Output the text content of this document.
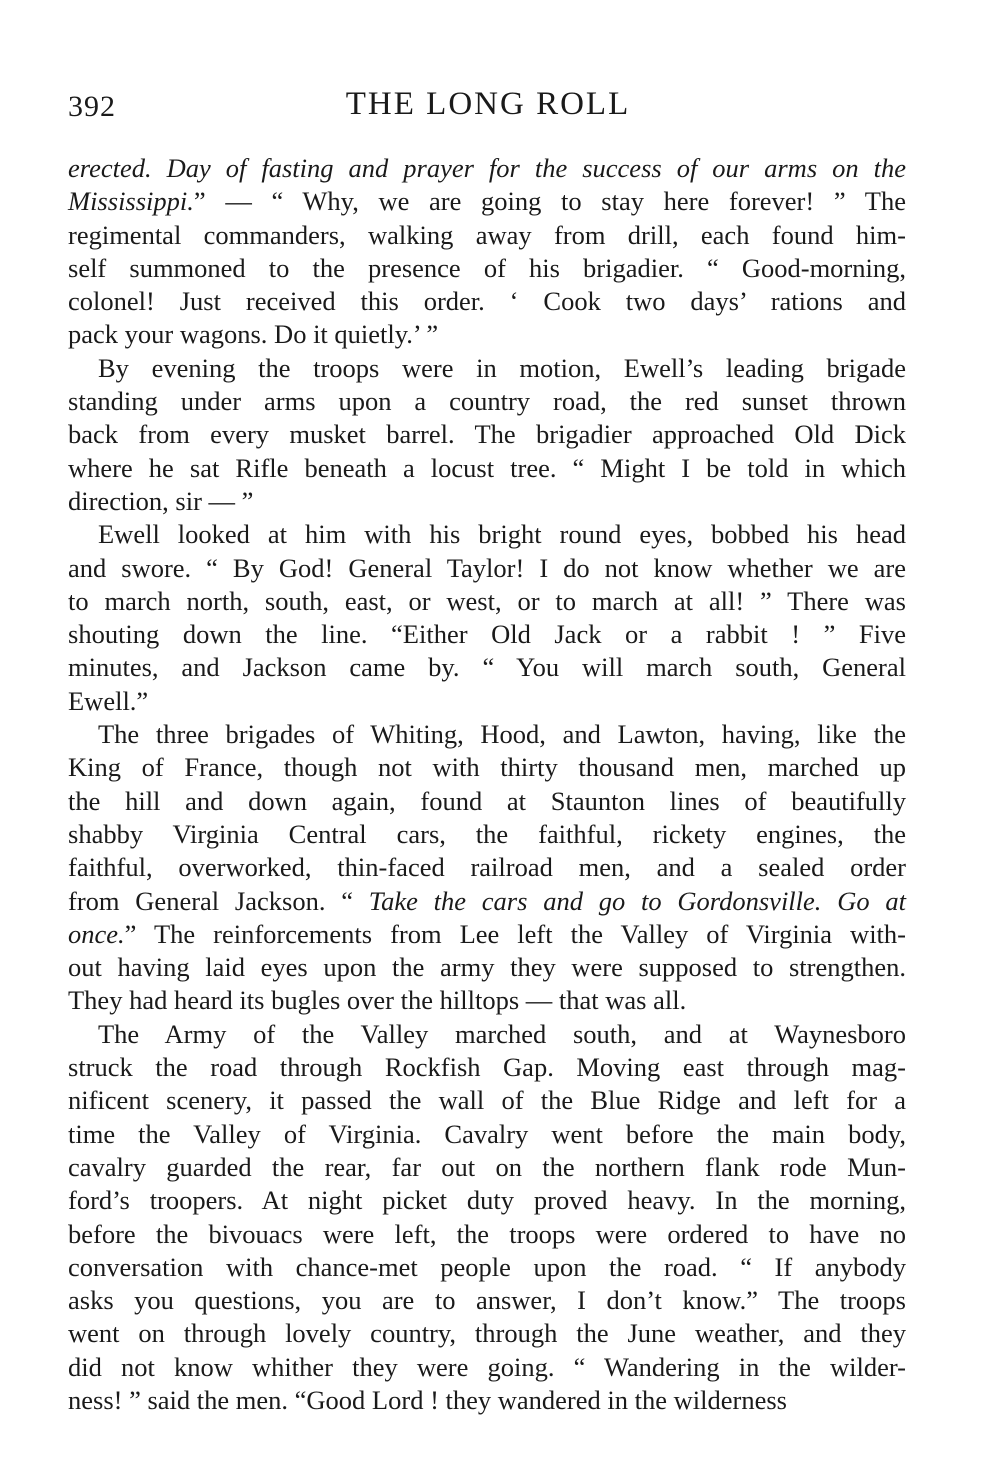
392	THE LONG ROLL

erected. Day of fasting and prayer for the success of our arms on the

Mississippi.” — “ Why, we are going to stay here forever! ” The

regimental commanders, walking away from drill, each found him-

self summoned to the presence of his brigadier. “ Good-morning,

colonel! Just received this order. ‘ Cook two days’ rations and

pack your wagons. Do it quietly.’ ”

By evening the troops were in motion, Ewell’s leading brigade

standing under arms upon a country road, the red sunset thrown

back from every musket barrel. The brigadier approached Old Dick

where he sat Rifle beneath a locust tree. “ Might I be told in which

direction, sir — ”

Ewell looked at him with his bright round eyes, bobbed his head

and swore. “ By God! General Taylor! I do not know whether we are

to march north, south, east, or west, or to march at all! ” There was

shouting down the line. “Either Old Jack or a rabbit ! ” Five

minutes, and Jackson came by. “ You will march south, General

Ewell.”

The three brigades of Whiting, Hood, and Lawton, having, like the

King of France, though not with thirty thousand men, marched up

the hill and down again, found at Staunton lines of beautifully

shabby Virginia Central cars, the faithful, rickety engines, the

faithful, overworked, thin-faced railroad men, and a sealed order

from General Jackson. “ Take the cars and go to Gordonsville. Go at

once.” The reinforcements from Lee left the Valley of Virginia with-

out having laid eyes upon the army they were supposed to strengthen.

They had heard its bugles over the hilltops — that was all.

The Army of the Valley marched south, and at Waynesboro

struck the road through Rockfish Gap. Moving east through mag-

nificent scenery, it passed the wall of the Blue Ridge and left for a

time the Valley of Virginia. Cavalry went before the main body,

cavalry guarded the rear, far out on the northern flank rode Mun-

ford’s troopers. At night picket duty proved heavy. In the morning,

before the bivouacs were left, the troops were ordered to have no

conversation with chance-met people upon the road. “ If anybody

asks you questions, you are to answer, I don’t know.” The troops

went on through lovely country, through the June weather, and they

did not know whither they were going. “ Wandering in the wilder-

ness! ” said the men. “Good Lord ! they wandered in the wilderness
